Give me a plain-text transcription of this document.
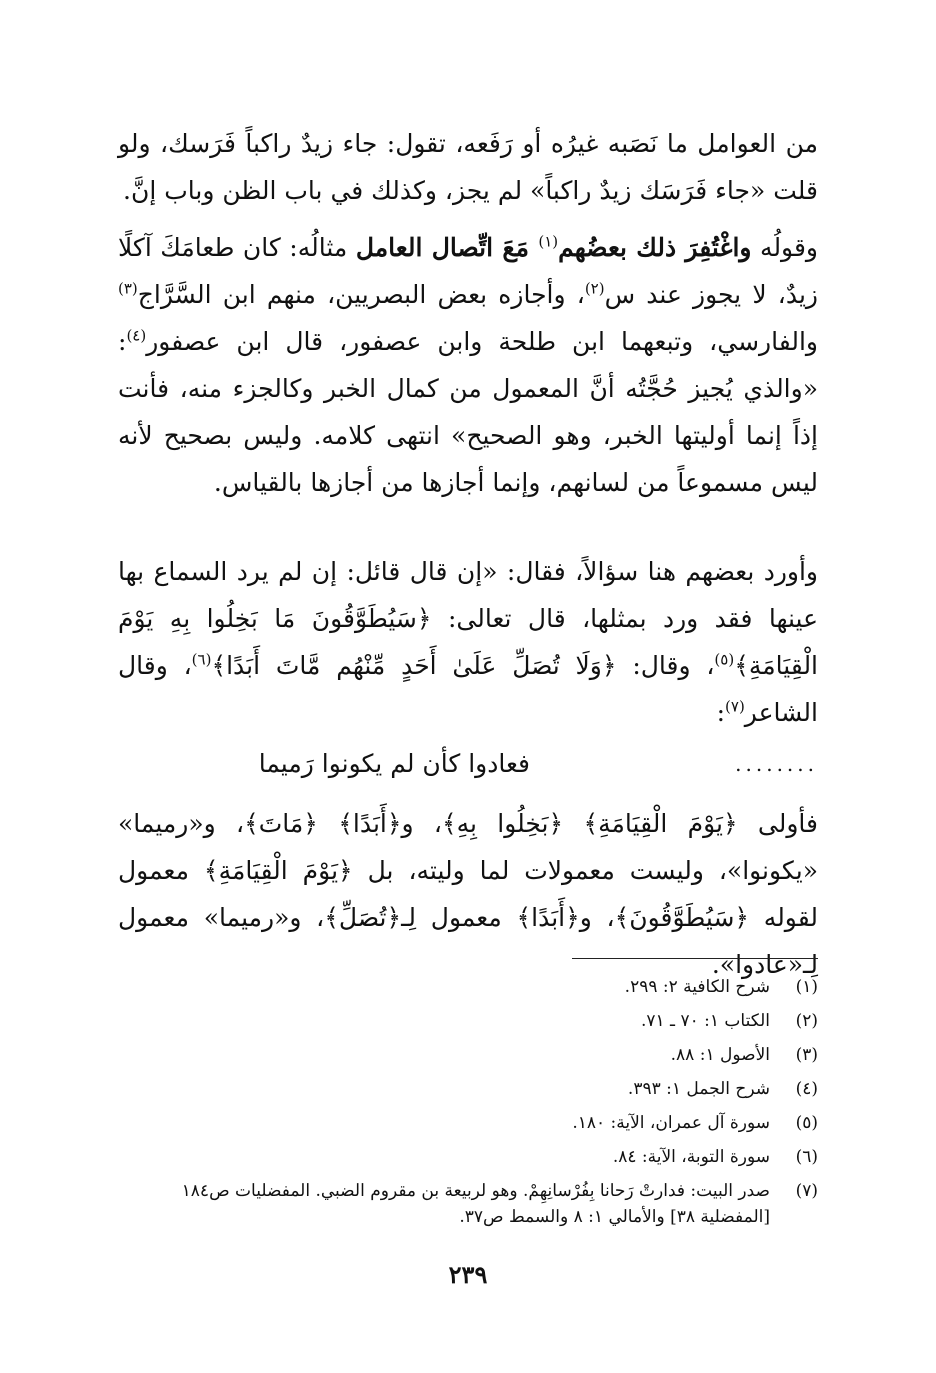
من العوامل ما نَصَبه غيرُه أو رَفَعه، تقول: جاء زيدٌ راكباً فَرَسك، ولو قلت «جاء فَرَسَك زيدٌ راكباً» لم يجز، وكذلك في باب الظن وباب إنَّ.

وقولُه واغْتُفِرَ ذلك بعضُهم$^{(١)}$ مَعَ اتِّصال العامل مثالُه: كان طعامَكَ آكلًا زيدٌ، لا يجوز عند س$^{(٢)}$، وأجازه بعض البصريين، منهم ابن السَّرَّاج$^{(٣)}$ والفارسي، وتبعهما ابن طلحة وابن عصفور، قال ابن عصفور$^{(٤)}$: «والذي يُجيز حُجَّتُه أنَّ المعمول من كمال الخبر وكالجزء منه، فأنت إذاً إنما أوليتها الخبر، وهو الصحيح» انتهى كلامه. وليس بصحيح لأنه ليس مسموعاً من لسانهم، وإنما أجازها من أجازها بالقياس.

وأورد بعضهم هنا سؤالاً، فقال: «إن قال قائل: إن لم يرد السماع بها عينها فقد ورد بمثلها، قال تعالى: ﴿سَيُطَوَّقُونَ مَا بَخِلُوا بِهِ يَوْمَ الْقِيَامَةِ﴾$^{(٥)}$، وقال: ﴿وَلَا تُصَلِّ عَلَىٰ أَحَدٍ مِّنْهُم مَّاتَ أَبَدًا﴾$^{(٦)}$، وقال الشاعر$^{(٧)}$:

........
فعادوا كأن لم يكونوا رَميما

فأولى ﴿يَوْمَ الْقِيَامَةِ﴾ ﴿بَخِلُوا بِهِ﴾، و﴿أَبَدًا﴾ ﴿مَاتَ﴾، و«رميما» «يكونوا»، وليست معمولات لما وليته، بل ﴿يَوْمَ الْقِيَامَةِ﴾ معمول لقوله ﴿سَيُطَوَّقُونَ﴾، و﴿أَبَدًا﴾ معمول لِـ﴿تُصَلِّ﴾، و«رميما» معمول لِـ«عادوا».

(١)
شرح الكافية ٢: ٢٩٩.

(٢)
الكتاب ١: ٧٠ ـ ٧١.

(٣)
الأصول ١: ٨٨.

(٤)
شرح الجمل ١: ٣٩٣.

(٥)
سورة آل عمران، الآية: ١٨٠.

(٦)
سورة التوبة، الآية: ٨٤.

(٧)
صدر البيت: فدارتْ رَحانا بِفُرْسانِهِمْ. وهو لربيعة بن مقروم الضبي. المفضليات ص١٨٤ [المفضلية ٣٨] والأمالي ١: ٨ والسمط ص٣٧.

٢٣٩
